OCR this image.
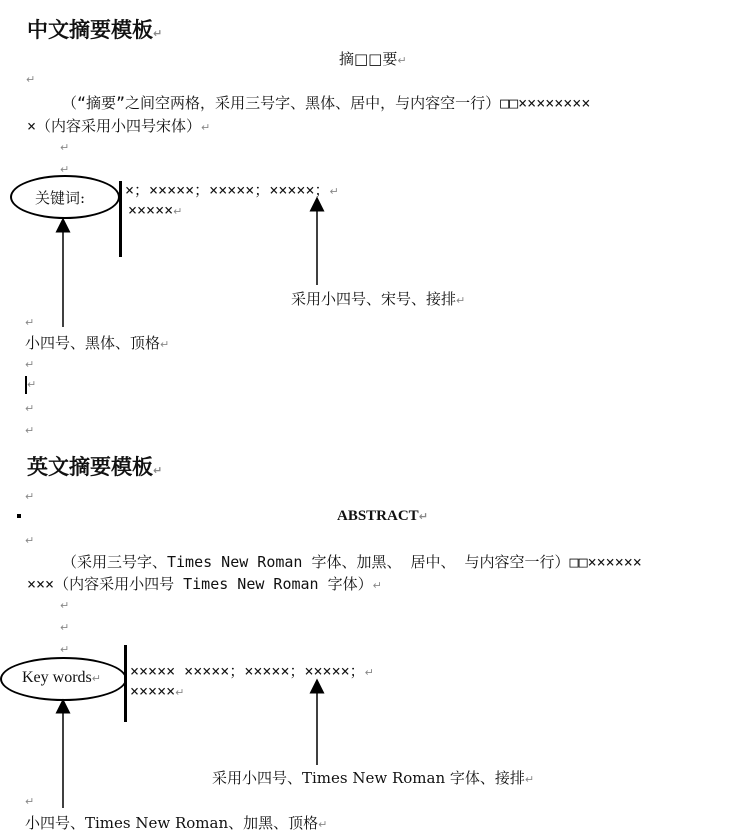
中文摘要模板↵
摘□□要↵
↵
（“摘要”之间空两格，采用三号字、黑体、居中，与内容空一行）□□××××××××
×（内容采用小四号宋体）↵
↵
↵
关键词:	×；×××××；×××××；×××××；↵
×××××↵
采用小四号、宋号、接排↵
↵
小四号、黑体、顶格↵
↵
↵
↵
↵
英文摘要模板↵
↵
ABSTRACT↵
↵
（采用三号字、Times New Roman 字体、加黑、 居中、 与内容空一行）□□××××××
×××（内容采用小四号 Times New Roman 字体）↵
↵
↵
↵
Key words↵ ××××× ×××××；×××××；×××××；↵
×××××↵
采用小四号、Times New Roman 字体、接排↵
↵
小四号、Times New Roman、加黑、顶格↵
